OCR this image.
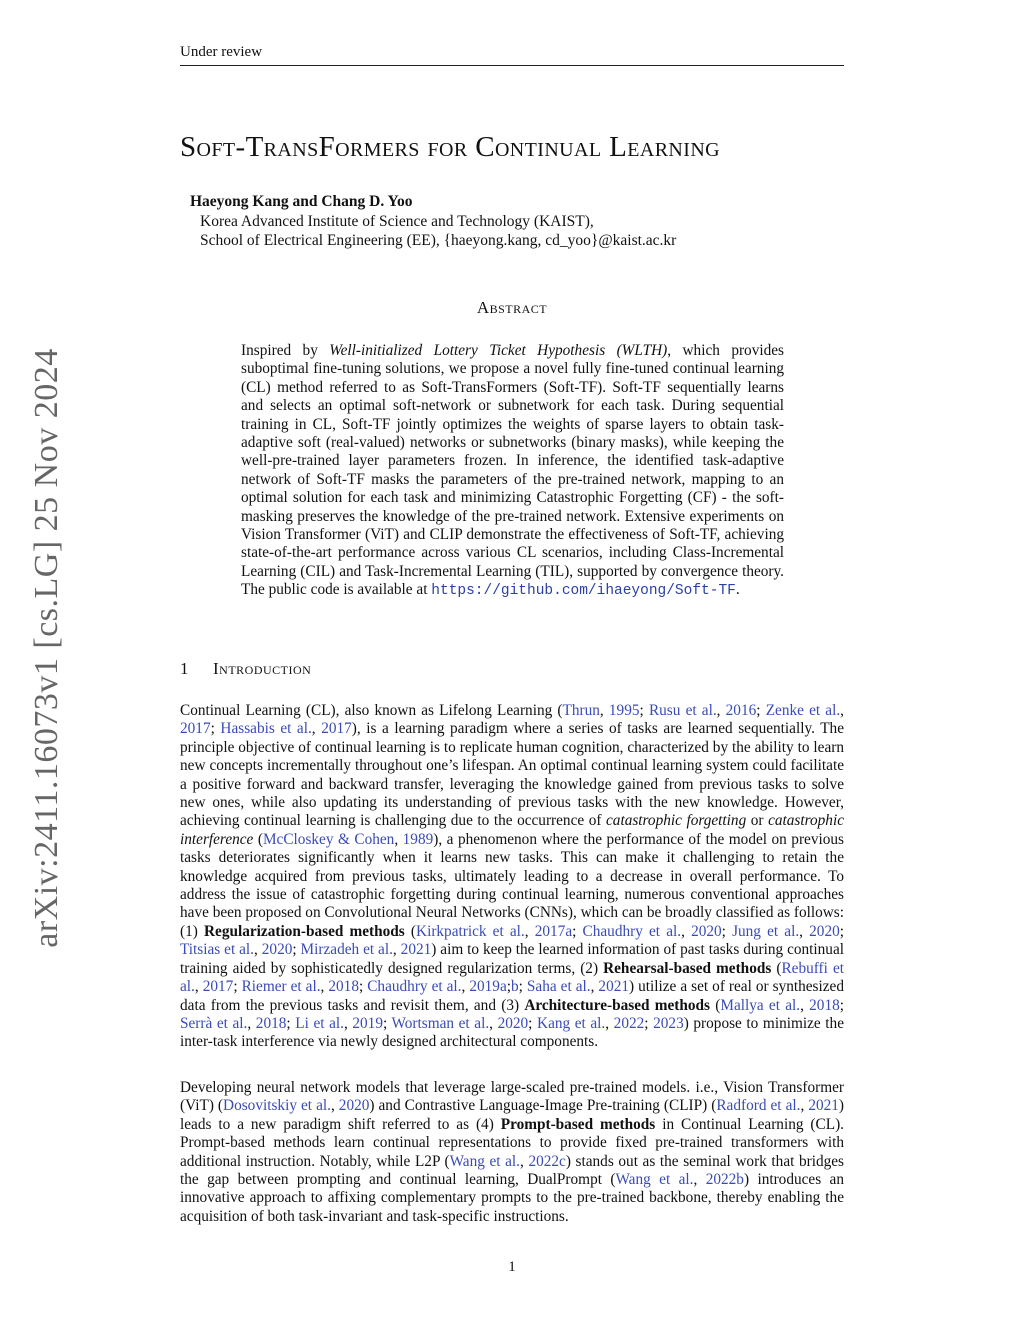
Under review
arXiv:2411.16073v1 [cs.LG] 25 Nov 2024
Soft-TransFormers for Continual Learning
Haeyong Kang and Chang D. Yoo
Korea Advanced Institute of Science and Technology (KAIST),
School of Electrical Engineering (EE), {haeyong.kang, cd_yoo}@kaist.ac.kr
Abstract
Inspired by Well-initialized Lottery Ticket Hypothesis (WLTH), which provides suboptimal fine-tuning solutions, we propose a novel fully fine-tuned continual learning (CL) method referred to as Soft-TransFormers (Soft-TF). Soft-TF sequentially learns and selects an optimal soft-network or subnetwork for each task. During sequential training in CL, Soft-TF jointly optimizes the weights of sparse layers to obtain task-adaptive soft (real-valued) networks or subnetworks (binary masks), while keeping the well-pre-trained layer parameters frozen. In inference, the identified task-adaptive network of Soft-TF masks the parameters of the pre-trained network, mapping to an optimal solution for each task and minimizing Catastrophic Forgetting (CF) - the soft-masking preserves the knowledge of the pre-trained network. Extensive experiments on Vision Transformer (ViT) and CLIP demonstrate the effectiveness of Soft-TF, achieving state-of-the-art performance across various CL scenarios, including Class-Incremental Learning (CIL) and Task-Incremental Learning (TIL), supported by convergence theory. The public code is available at https://github.com/ihaeyong/Soft-TF.
1 Introduction
Continual Learning (CL), also known as Lifelong Learning (Thrun, 1995; Rusu et al., 2016; Zenke et al., 2017; Hassabis et al., 2017), is a learning paradigm where a series of tasks are learned sequentially. The principle objective of continual learning is to replicate human cognition, characterized by the ability to learn new concepts incrementally throughout one’s lifespan. An optimal continual learning system could facilitate a positive forward and backward transfer, leveraging the knowledge gained from previous tasks to solve new ones, while also updating its understanding of previous tasks with the new knowledge. However, achieving continual learning is challenging due to the occurrence of catastrophic forgetting or catastrophic interference (McCloskey & Cohen, 1989), a phenomenon where the performance of the model on previous tasks deteriorates significantly when it learns new tasks. This can make it challenging to retain the knowledge acquired from previous tasks, ultimately leading to a decrease in overall performance. To address the issue of catastrophic forgetting during continual learning, numerous conventional approaches have been proposed on Convolutional Neural Networks (CNNs), which can be broadly classified as follows: (1) Regularization-based methods (Kirkpatrick et al., 2017a; Chaudhry et al., 2020; Jung et al., 2020; Titsias et al., 2020; Mirzadeh et al., 2021) aim to keep the learned information of past tasks during continual training aided by sophisticatedly designed regularization terms, (2) Rehearsal-based methods (Rebuffi et al., 2017; Riemer et al., 2018; Chaudhry et al., 2019a;b; Saha et al., 2021) utilize a set of real or synthesized data from the previous tasks and revisit them, and (3) Architecture-based methods (Mallya et al., 2018; Serrà et al., 2018; Li et al., 2019; Wortsman et al., 2020; Kang et al., 2022; 2023) propose to minimize the inter-task interference via newly designed architectural components.
Developing neural network models that leverage large-scaled pre-trained models. i.e., Vision Transformer (ViT) (Dosovitskiy et al., 2020) and Contrastive Language-Image Pre-training (CLIP) (Radford et al., 2021) leads to a new paradigm shift referred to as (4) Prompt-based methods in Continual Learning (CL). Prompt-based methods learn continual representations to provide fixed pre-trained transformers with additional instruction. Notably, while L2P (Wang et al., 2022c) stands out as the seminal work that bridges the gap between prompting and continual learning, DualPrompt (Wang et al., 2022b) introduces an innovative approach to affixing complementary prompts to the pre-trained backbone, thereby enabling the acquisition of both task-invariant and task-specific instructions.
1
